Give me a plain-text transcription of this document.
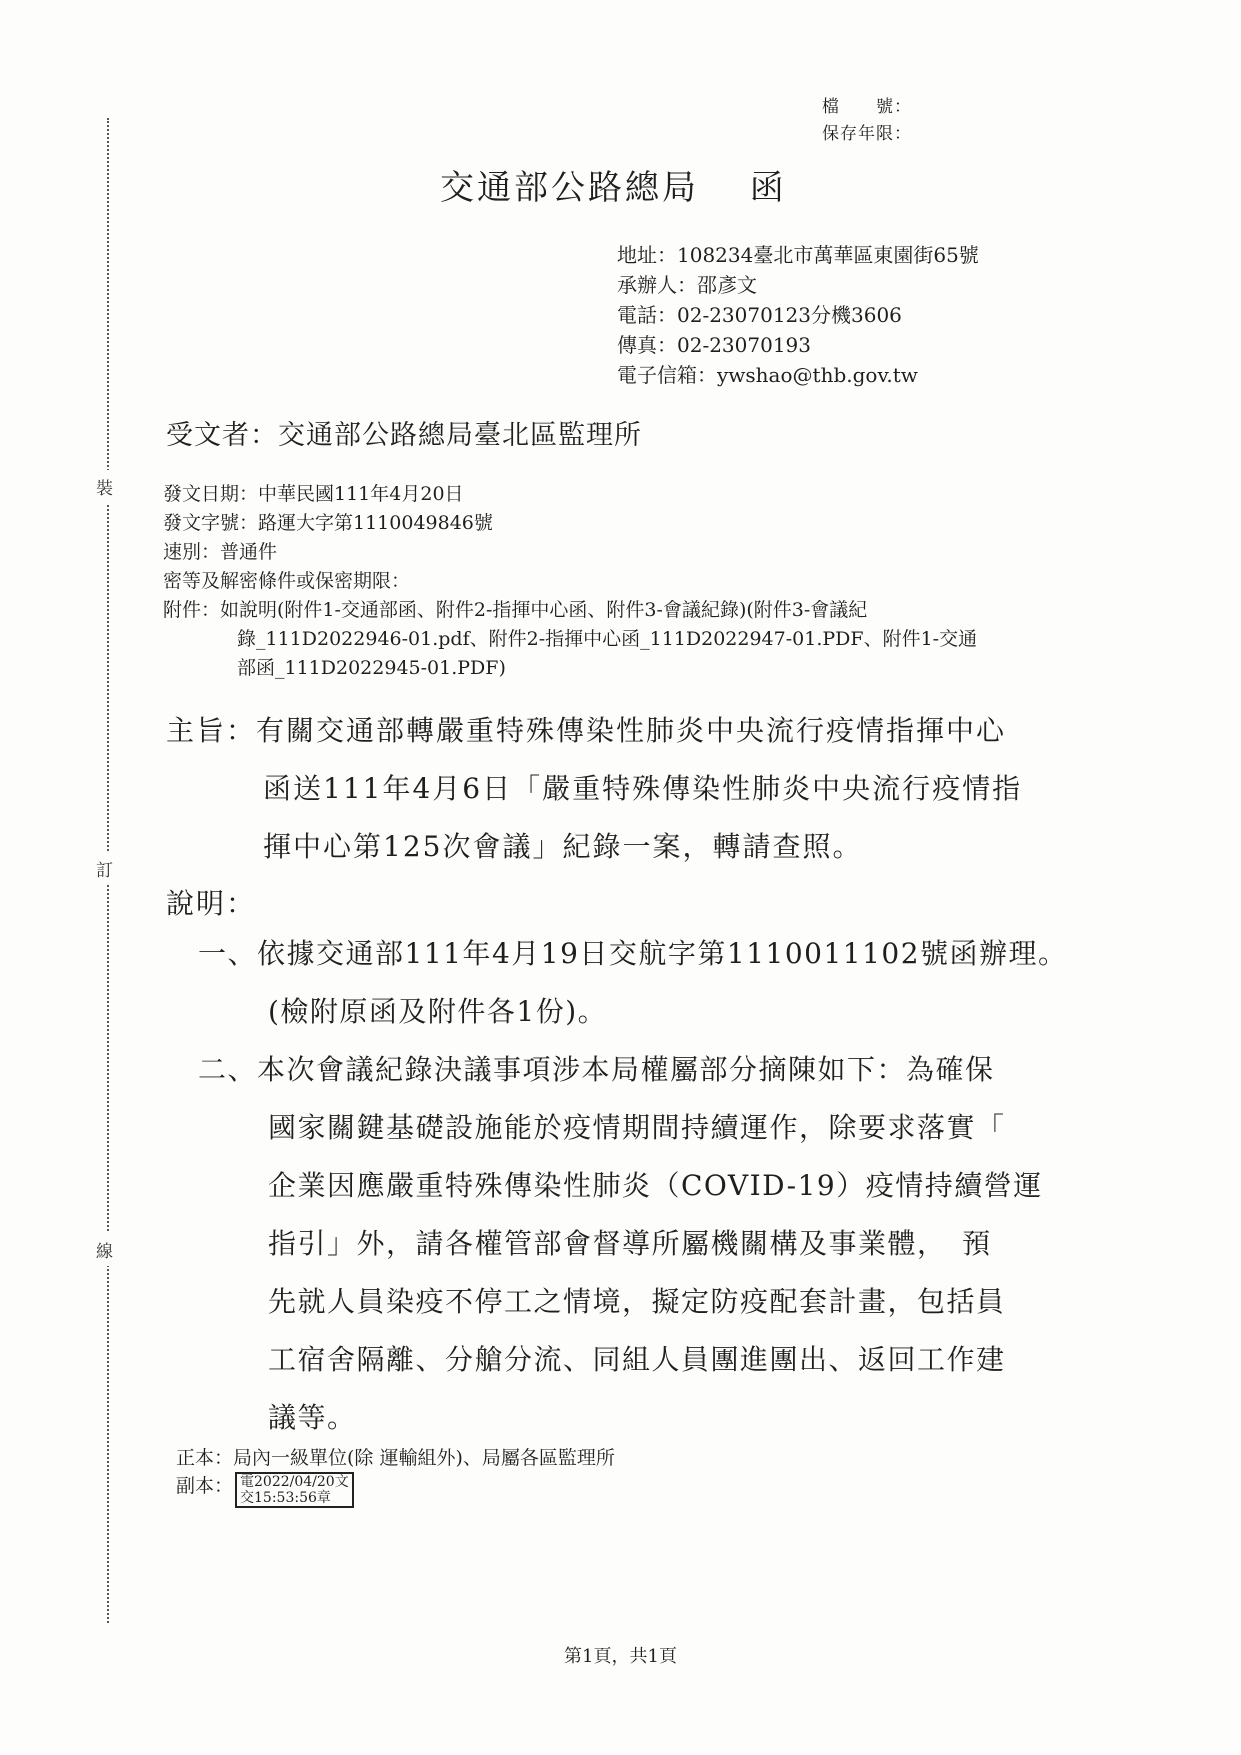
裝
訂
線
檔　　號：
保存年限：
交通部公路總局　 函
地址：108234臺北市萬華區東園街65號
承辦人：邵彥文
電話：02-23070123分機3606
傳真：02-23070193
電子信箱：ywshao@thb.gov.tw
受文者：交通部公路總局臺北區監理所
發文日期：中華民國111年4月20日
發文字號：路運大字第1110049846號
速別：普通件
密等及解密條件或保密期限：
附件：如說明(附件1-交通部函、附件2-指揮中心函、附件3-會議紀錄)(附件3-會議紀
錄_111D2022946-01.pdf、附件2-指揮中心函_111D2022947-01.PDF、附件1-交通
部函_111D2022945-01.PDF)
主旨：有關交通部轉嚴重特殊傳染性肺炎中央流行疫情指揮中心
函送111年4月6日「嚴重特殊傳染性肺炎中央流行疫情指
揮中心第125次會議」紀錄一案，轉請查照。
說明：
一、依據交通部111年4月19日交航字第1110011102號函辦理。
(檢附原函及附件各1份)。
二、本次會議紀錄決議事項涉本局權屬部分摘陳如下：為確保
國家關鍵基礎設施能於疫情期間持續運作，除要求落實「
企業因應嚴重特殊傳染性肺炎（COVID-19）疫情持續營運
指引」外，請各權管部會督導所屬機關構及事業體，　預
先就人員染疫不停工之情境，擬定防疫配套計畫，包括員
工宿舍隔離、分艙分流、同組人員團進團出、返回工作建
議等。
正本：局內一級單位(除 運輸組外)、局屬各區監理所
副本： 電2022/04/20文
交15:53:56章
第1頁，共1頁
